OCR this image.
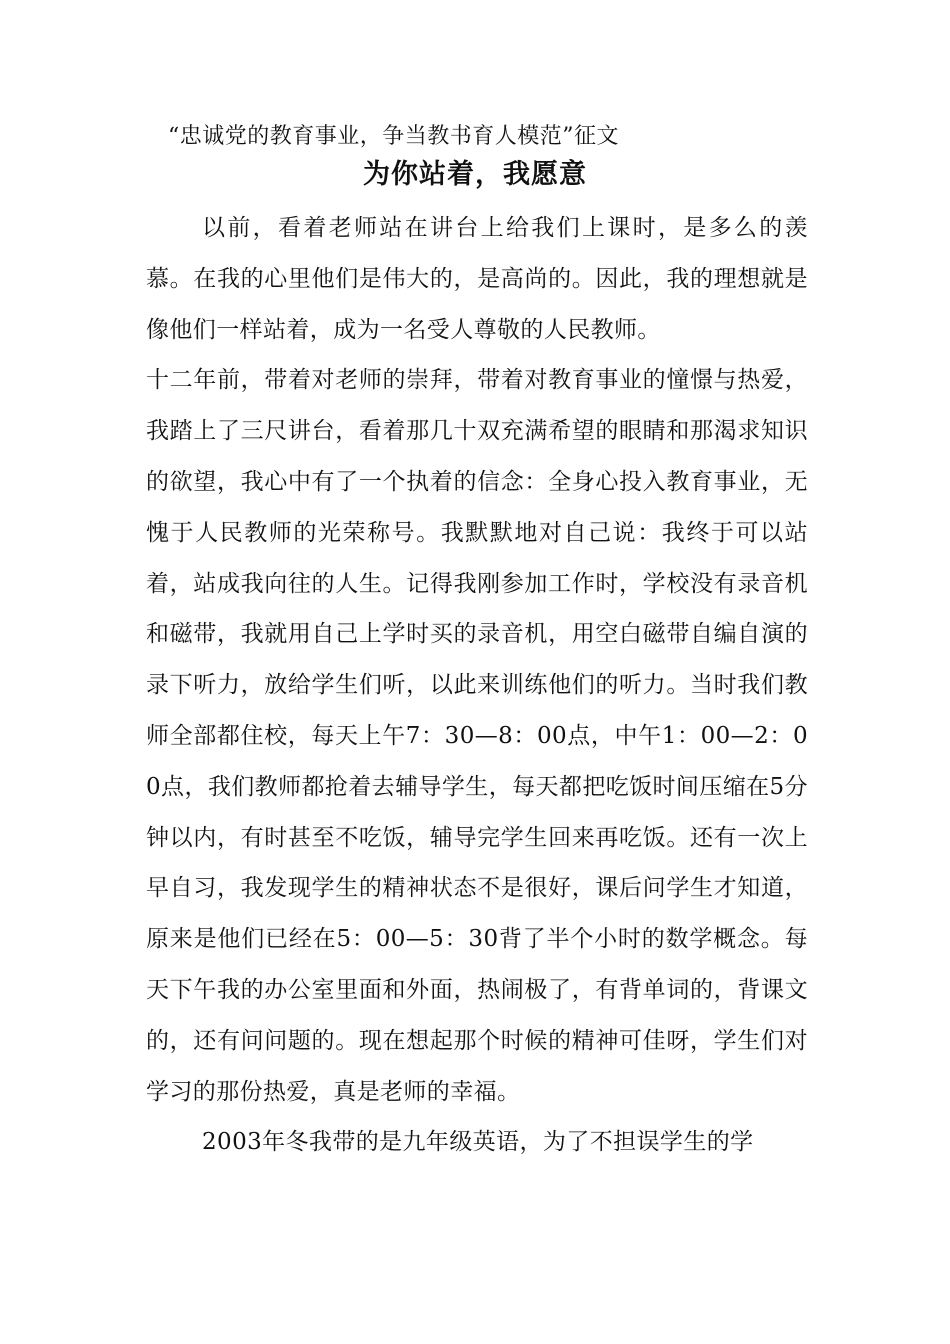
“忠诚党的教育事业，争当教书育人模范”征文
为你站着，我愿意

以前，看着老师站在讲台上给我们上课时，是多么的羡慕。在我的心里他们是伟大的，是高尚的。因此，我的理想就是像他们一样站着，成为一名受人尊敬的人民教师。

十二年前，带着对老师的崇拜，带着对教育事业的憧憬与热爱，我踏上了三尺讲台，看着那几十双充满希望的眼睛和那渴求知识的欲望，我心中有了一个执着的信念：全身心投入教育事业，无愧于人民教师的光荣称号。我默默地对自己说：我终于可以站着，站成我向往的人生。记得我刚参加工作时，学校没有录音机和磁带，我就用自己上学时买的录音机，用空白磁带自编自演的录下听力，放给学生们听，以此来训练他们的听力。当时我们教师全部都住校，每天上午7：30—8：00点，中午1：00—2：00点，我们教师都抢着去辅导学生，每天都把吃饭时间压缩在5分钟以内，有时甚至不吃饭，辅导完学生回来再吃饭。还有一次上早自习，我发现学生的精神状态不是很好，课后问学生才知道，原来是他们已经在5：00—5：30背了半个小时的数学概念。每天下午我的办公室里面和外面，热闹极了，有背单词的，背课文的，还有问问题的。现在想起那个时候的精神可佳呀，学生们对学习的那份热爱，真是老师的幸福。

2003年冬我带的是九年级英语，为了不担误学生的学
